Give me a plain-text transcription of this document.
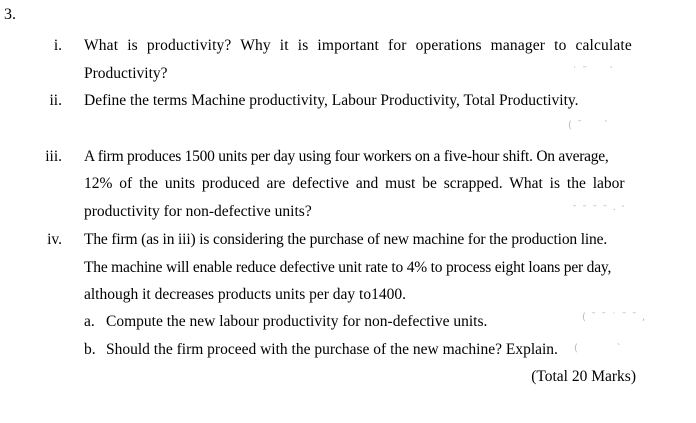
3.
i. What is productivity? Why it is important for operations manager to calculate
Productivity?
ii. Define the terms Machine productivity, Labour Productivity, Total Productivity.
iii. A firm produces 1500 units per day using four workers on a five-hour shift. On average,
12% of the units produced are defective and must be scrapped. What is the labor
productivity for non-defective units?
iv. The firm (as in iii) is considering the purchase of new machine for the production line.
The machine will enable reduce defective unit rate to 4% to process eight loans per day,
although it decreases products units per day to1400.
a. Compute the new labour productivity for non-defective units.
b. Should the firm proceed with the purchase of the new machine? Explain.
(Total 20 Marks)
˙ ˉ     ˋ
( ˉ     ˋ
ˉ ˉ ˉ ˉ · ˋ
( ˉ ˉ ˙ ˉ ˉ ,
(         ˋ
